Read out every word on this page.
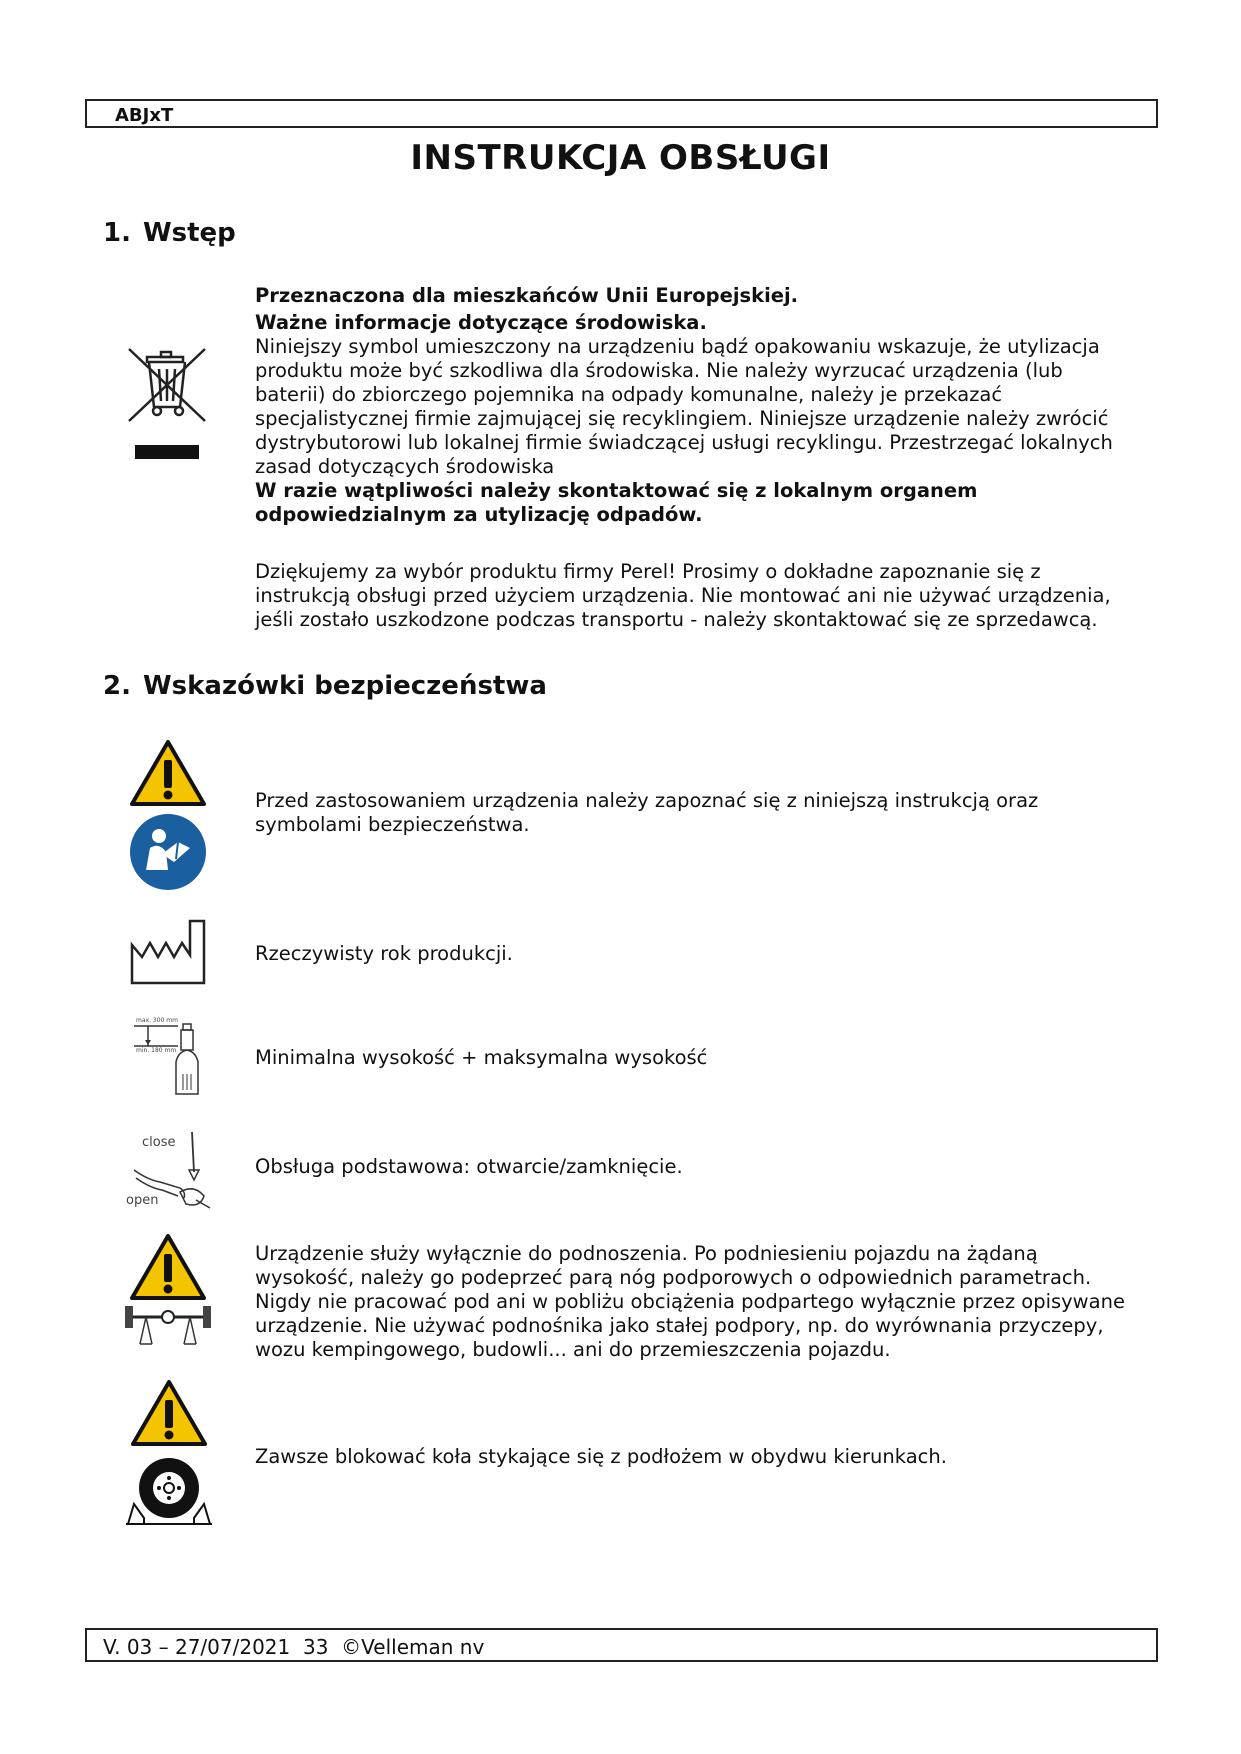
ABJxT
INSTRUKCJA OBSŁUGI
1. Wstęp

Przeznaczona dla mieszkańców Unii Europejskiej.

Ważne informacje dotyczące środowiska.

Niniejszy symbol umieszczony na urządzeniu bądź opakowaniu wskazuje, że utylizacja produktu może być szkodliwa dla środowiska. Nie należy wyrzucać urządzenia (lub baterii) do zbiorczego pojemnika na odpady komunalne, należy je przekazać specjalistycznej firmie zajmującej się recyklingiem. Niniejsze urządzenie należy zwrócić dystrybutorowi lub lokalnej firmie świadczącej usługi recyklingu. Przestrzegać lokalnych zasad dotyczących środowiska

W razie wątpliwości należy skontaktować się z lokalnym organem odpowiedzialnym za utylizację odpadów.

Dziękujemy za wybór produktu firmy Perel! Prosimy o dokładne zapoznanie się z instrukcją obsługi przed użyciem urządzenia. Nie montować ani nie używać urządzenia, jeśli zostało uszkodzone podczas transportu - należy skontaktować się ze sprzedawcą.

2. Wskazówki bezpieczeństwa

Przed zastosowaniem urządzenia należy zapoznać się z niniejszą instrukcją oraz symbolami bezpieczeństwa.

Rzeczywisty rok produkcji.

max. 300 mm
min. 180 mm	Minimalna wysokość + maksymalna wysokość

close
open

Obsługa podstawowa: otwarcie/zamknięcie.

Urządzenie służy wyłącznie do podnoszenia. Po podniesieniu pojazdu na żądaną wysokość, należy go podeprzeć parą nóg podporowych o odpowiednich parametrach. Nigdy nie pracować pod ani w pobliżu obciążenia podpartego wyłącznie przez opisywane urządzenie. Nie używać podnośnika jako stałej podpory, np. do wyrównania przyczepy, wozu kempingowego, budowli... ani do przemieszczenia pojazdu.

Zawsze blokować koła stykające się z podłożem w obydwu kierunkach.

V. 03 – 27/07/2021 33 ©Velleman nv
